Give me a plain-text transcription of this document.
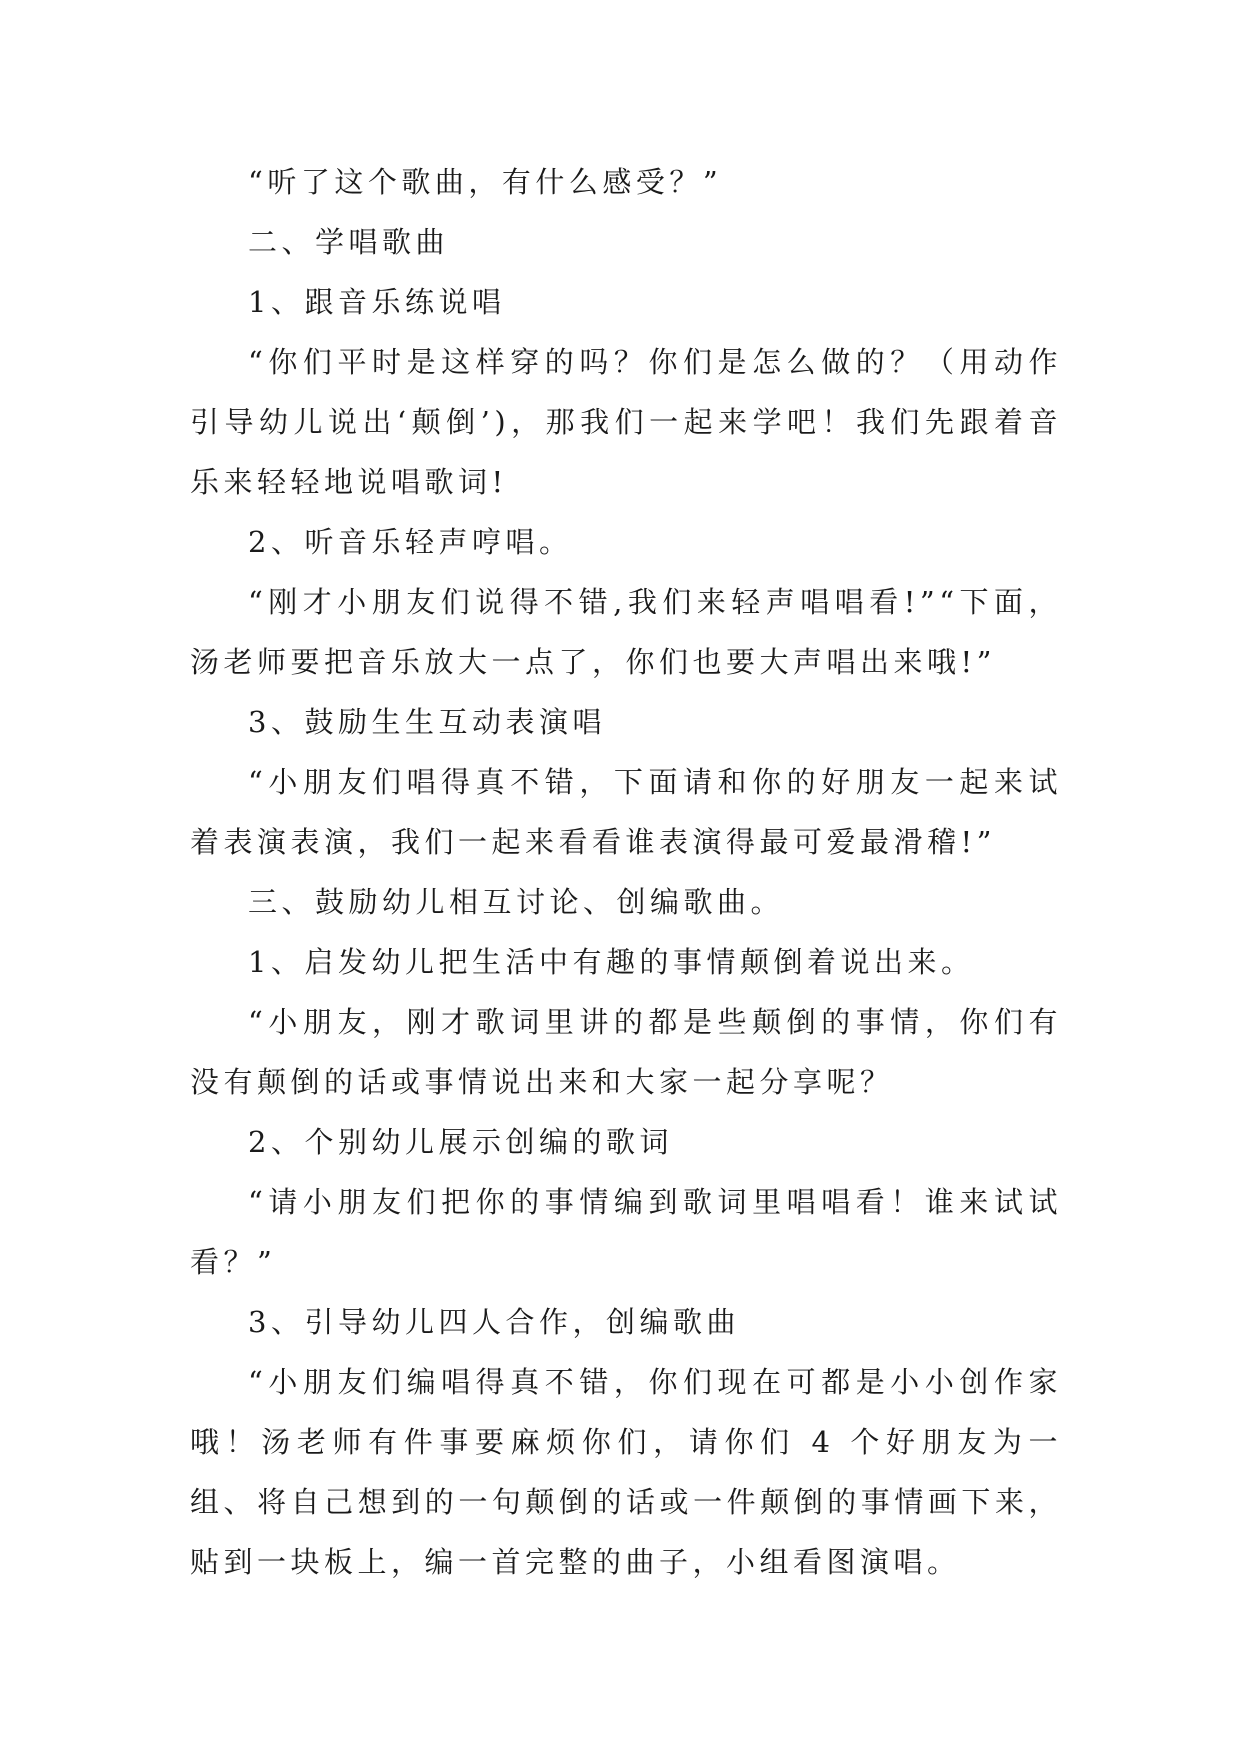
“听了这个歌曲，有什么感受？”

二、学唱歌曲

1、跟音乐练说唱

“你们平时是这样穿的吗？你们是怎么做的？（用动作引导幼儿说出‘颠倒’)，那我们一起来学吧！我们先跟着音乐来轻轻地说唱歌词!

2、听音乐轻声哼唱。

“刚才小朋友们说得不错,我们来轻声唱唱看!”“下面，汤老师要把音乐放大一点了，你们也要大声唱出来哦!”

3、鼓励生生互动表演唱

“小朋友们唱得真不错，下面请和你的好朋友一起来试着表演表演，我们一起来看看谁表演得最可爱最滑稽!”

三、鼓励幼儿相互讨论、创编歌曲。

1、启发幼儿把生活中有趣的事情颠倒着说出来。

“小朋友，刚才歌词里讲的都是些颠倒的事情，你们有没有颠倒的话或事情说出来和大家一起分享呢？

2、个别幼儿展示创编的歌词

“请小朋友们把你的事情编到歌词里唱唱看！谁来试试看？”

3、引导幼儿四人合作，创编歌曲

“小朋友们编唱得真不错，你们现在可都是小小创作家哦！汤老师有件事要麻烦你们，请你们 4 个好朋友为一组、将自己想到的一句颠倒的话或一件颠倒的事情画下来，贴到一块板上，编一首完整的曲子，小组看图演唱。
